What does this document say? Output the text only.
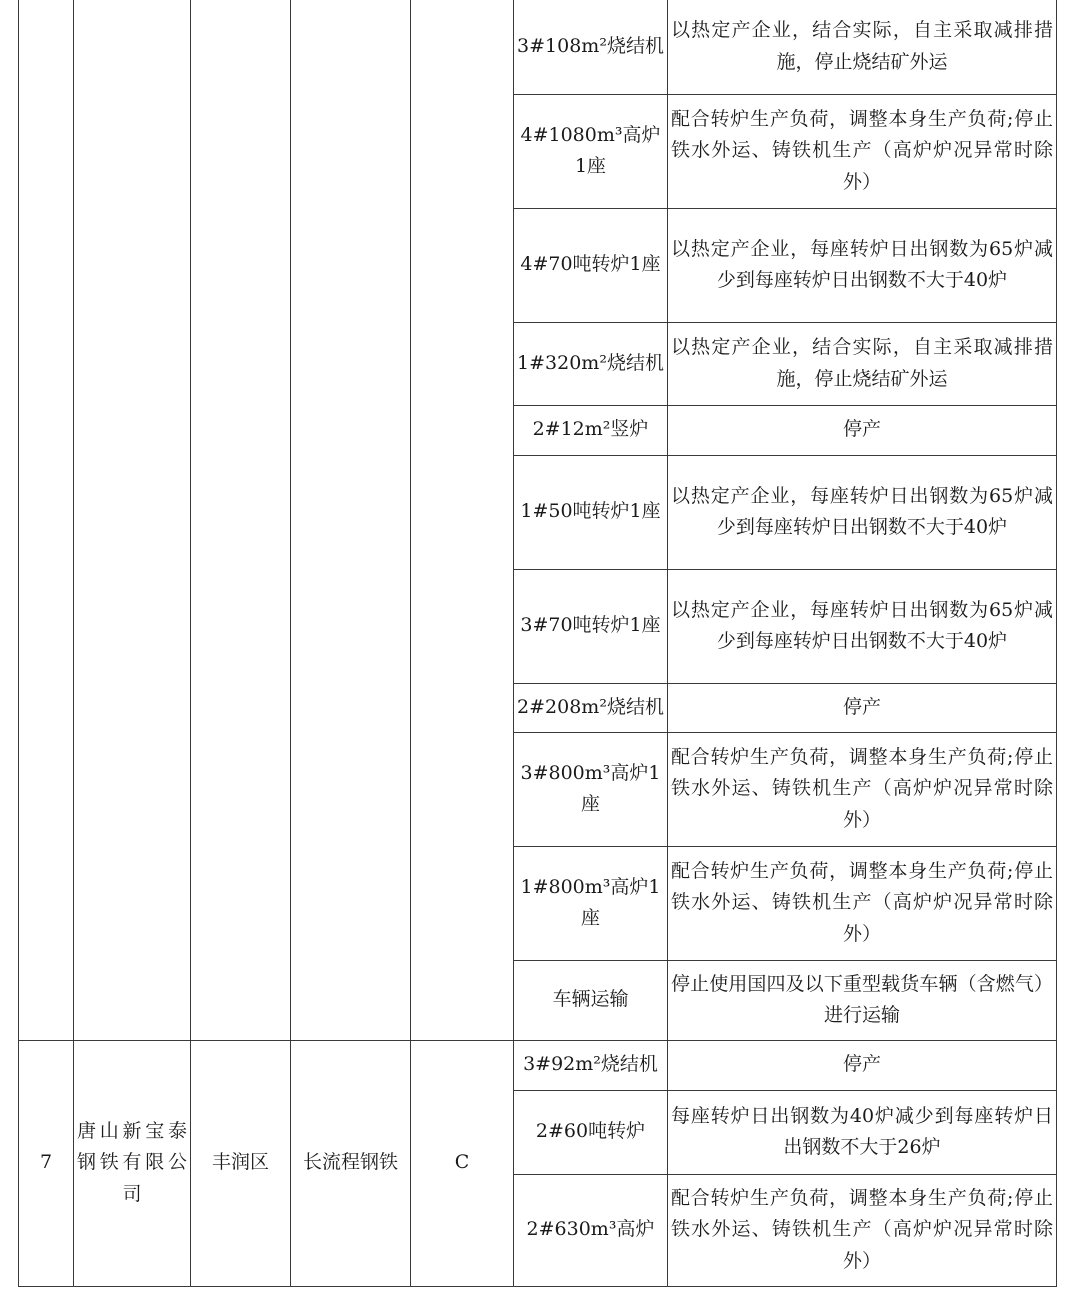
					3#108m²烧结机	以热定产企业，结合实际，自主采取减排措施，停止烧结矿外运
					4#1080m³高炉1座	配合转炉生产负荷，调整本身生产负荷;停止铁水外运、铸铁机生产（高炉炉况异常时除外）
					4#70吨转炉1座	以热定产企业，每座转炉日出钢数为65炉减少到每座转炉日出钢数不大于40炉
					1#320m²烧结机	以热定产企业，结合实际，自主采取减排措施，停止烧结矿外运
					2#12m²竖炉	停产
					1#50吨转炉1座	以热定产企业，每座转炉日出钢数为65炉减少到每座转炉日出钢数不大于40炉
					3#70吨转炉1座	以热定产企业，每座转炉日出钢数为65炉减少到每座转炉日出钢数不大于40炉
					2#208m²烧结机	停产
					3#800m³高炉1座	配合转炉生产负荷，调整本身生产负荷;停止铁水外运、铸铁机生产（高炉炉况异常时除外）
					1#800m³高炉1座	配合转炉生产负荷，调整本身生产负荷;停止铁水外运、铸铁机生产（高炉炉况异常时除外）
					车辆运输	停止使用国四及以下重型载货车辆（含燃气）进行运输
7	唐山新宝泰钢铁有限公司	丰润区	长流程钢铁	C	3#92m²烧结机	停产
					2#60吨转炉	每座转炉日出钢数为40炉减少到每座转炉日出钢数不大于26炉
					2#630m³高炉	配合转炉生产负荷，调整本身生产负荷;停止铁水外运、铸铁机生产（高炉炉况异常时除外）
